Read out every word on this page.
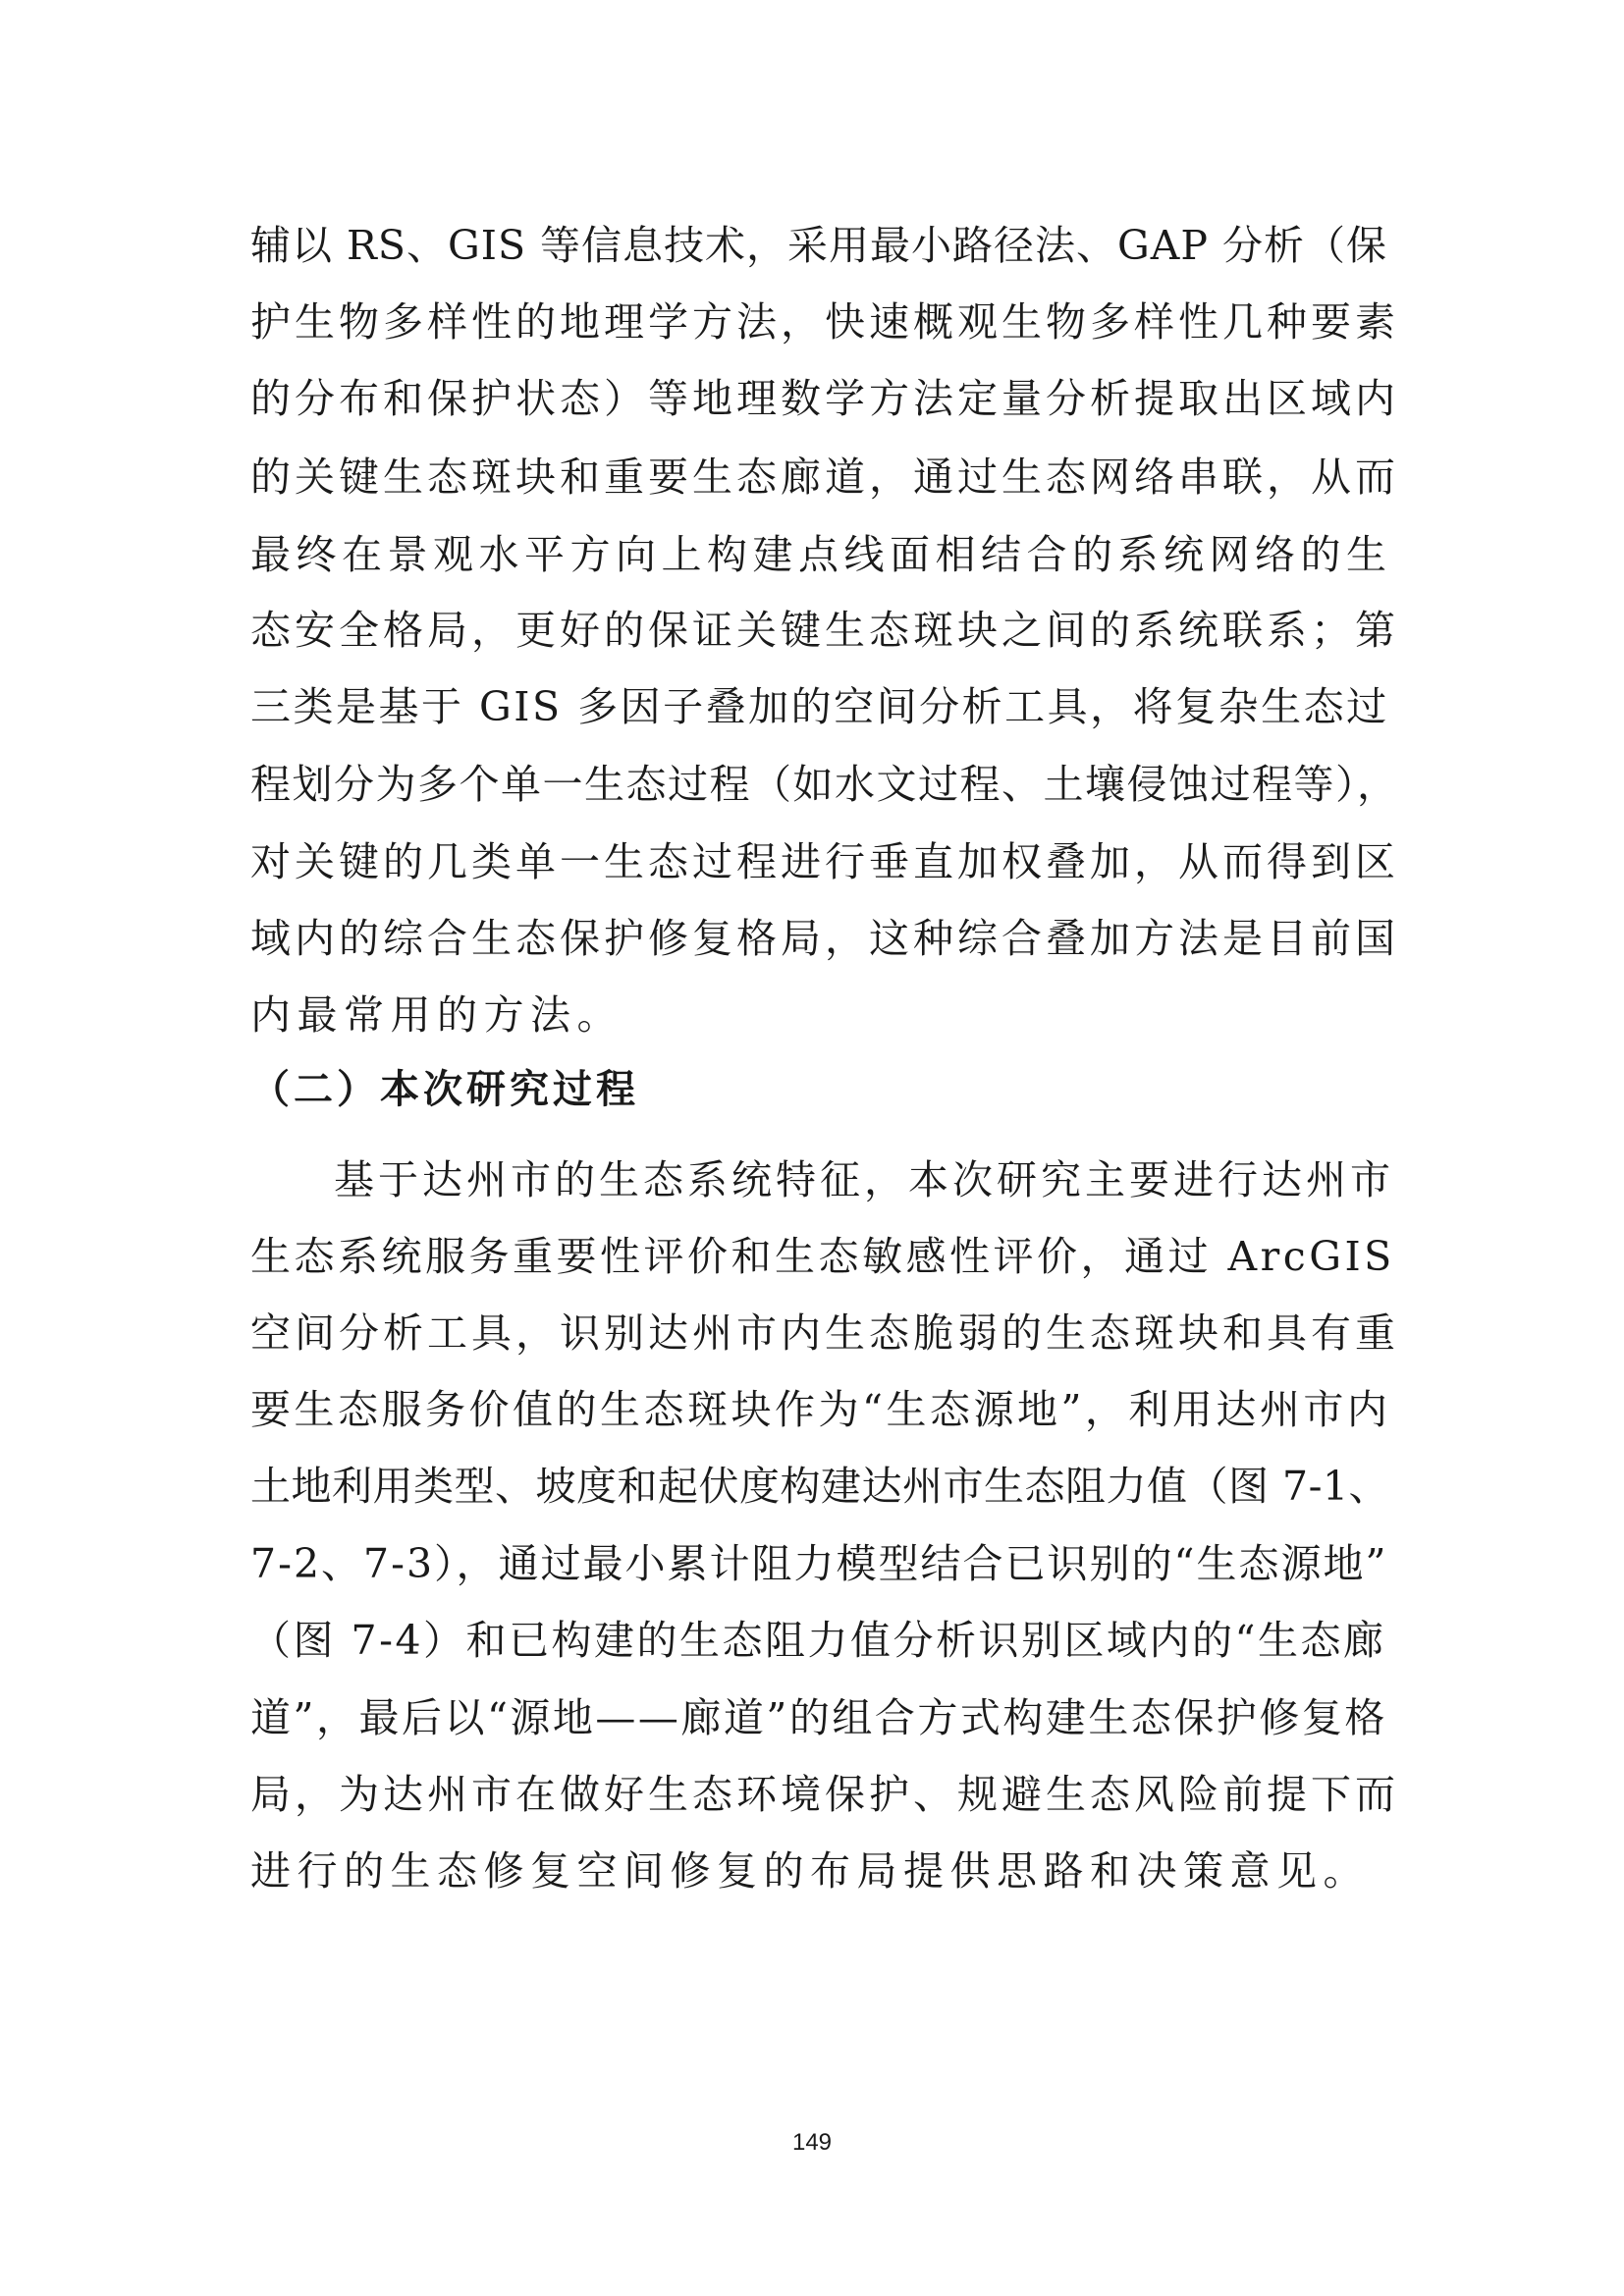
辅以 RS、GIS 等信息技术，采用最小路径法、GAP 分析（保
护生物多样性的地理学方法，快速概观生物多样性几种要素
的分布和保护状态）等地理数学方法定量分析提取出区域内
的关键生态斑块和重要生态廊道，通过生态网络串联，从而
最终在景观水平方向上构建点线面相结合的系统网络的生
态安全格局，更好的保证关键生态斑块之间的系统联系；第
三类是基于 GIS 多因子叠加的空间分析工具，将复杂生态过
程划分为多个单一生态过程（如水文过程、土壤侵蚀过程等），
对关键的几类单一生态过程进行垂直加权叠加，从而得到区
域内的综合生态保护修复格局，这种综合叠加方法是目前国
内最常用的方法。
（二）本次研究过程
基于达州市的生态系统特征，本次研究主要进行达州市
生态系统服务重要性评价和生态敏感性评价，通过 ArcGIS
空间分析工具，识别达州市内生态脆弱的生态斑块和具有重
要生态服务价值的生态斑块作为“生态源地”，利用达州市内
土地利用类型、坡度和起伏度构建达州市生态阻力值（图 7-1、
7-2、7-3），通过最小累计阻力模型结合已识别的“生态源地”
（图 7-4）和已构建的生态阻力值分析识别区域内的“生态廊
道”，最后以“源地——廊道”的组合方式构建生态保护修复格
局，为达州市在做好生态环境保护、规避生态风险前提下而
进行的生态修复空间修复的布局提供思路和决策意见。
149
